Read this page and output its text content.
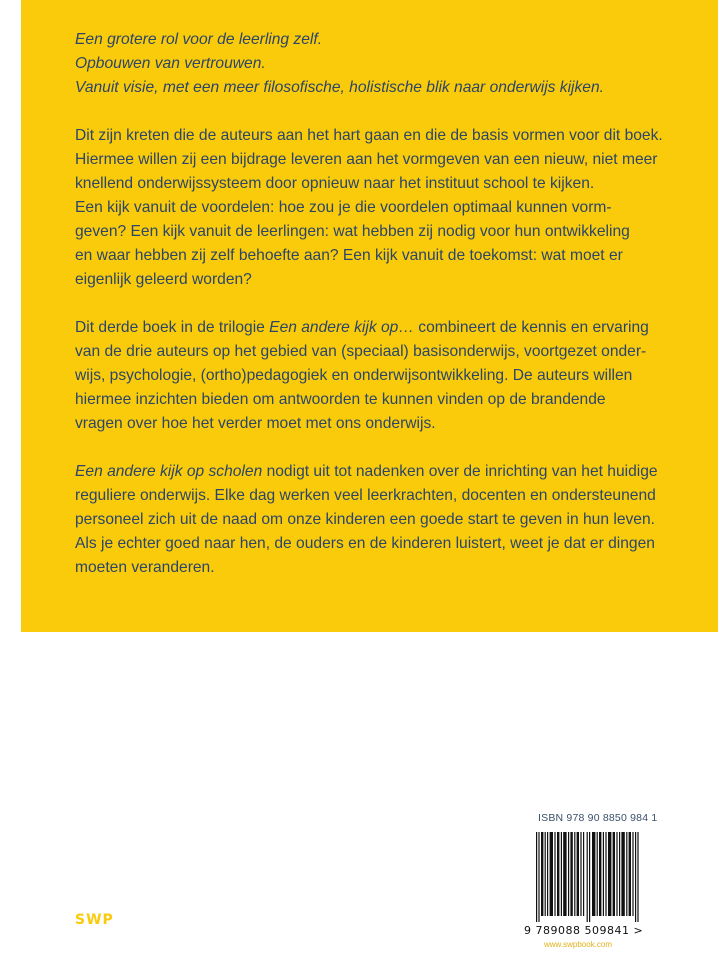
Een grotere rol voor de leerling zelf.
Opbouwen van vertrouwen.
Vanuit visie, met een meer filosofische, holistische blik naar onderwijs kijken.

Dit zijn kreten die de auteurs aan het hart gaan en die de basis vormen voor dit boek.
Hiermee willen zij een bijdrage leveren aan het vormgeven van een nieuw, niet meer
knellend onderwijssysteem door opnieuw naar het instituut school te kijken.
Een kijk vanuit de voordelen: hoe zou je die voordelen optimaal kunnen vorm-
geven? Een kijk vanuit de leerlingen: wat hebben zij nodig voor hun ontwikkeling
en waar hebben zij zelf behoefte aan? Een kijk vanuit de toekomst: wat moet er
eigenlijk geleerd worden?

Dit derde boek in de trilogie Een andere kijk op… combineert de kennis en ervaring
van de drie auteurs op het gebied van (speciaal) basisonderwijs, voortgezet onder-
wijs, psychologie, (ortho)pedagogiek en onderwijsontwikkeling. De auteurs willen
hiermee inzichten bieden om antwoorden te kunnen vinden op de brandende
vragen over hoe het verder moet met ons onderwijs.

Een andere kijk op scholen nodigt uit tot nadenken over de inrichting van het huidige
reguliere onderwijs. Elke dag werken veel leerkrachten, docenten en ondersteunend
personeel zich uit de naad om onze kinderen een goede start te geven in hun leven.
Als je echter goed naar hen, de ouders en de kinderen luistert, weet je dat er dingen
moeten veranderen.

SWP
ISBN 978 90 8850 984 1
9 789088 509841 >
www.swpbook.com
